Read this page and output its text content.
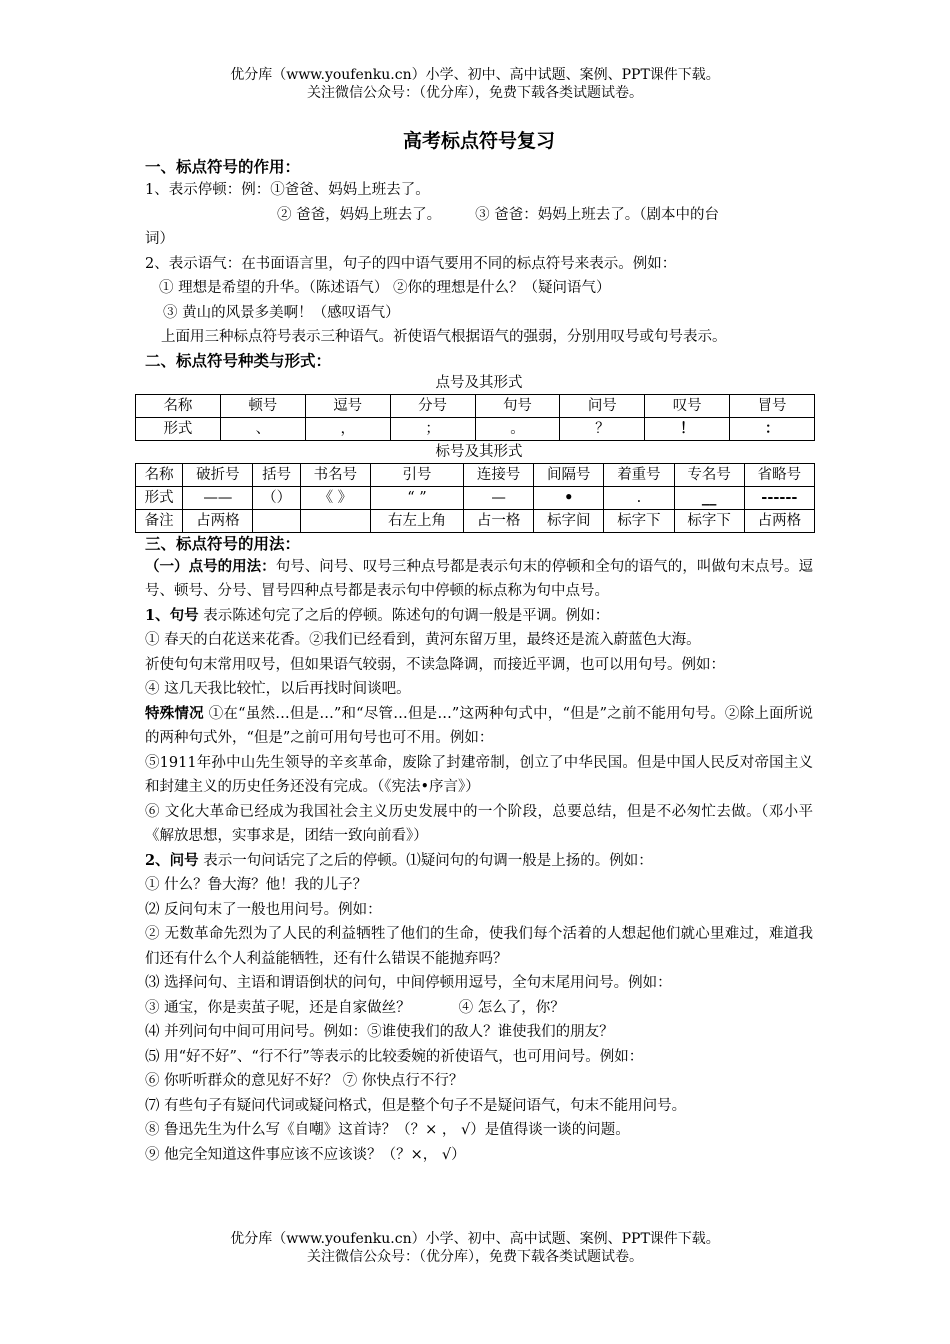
优分库（www.youfenku.cn）小学、初中、高中试题、案例、PPT课件下载。
关注微信公众号：（优分库），免费下载各类试题试卷。
高考标点符号复习
一、标点符号的作用：
1、表示停顿：例：①爸爸、妈妈上班去了。
② 爸爸，妈妈上班去了。 ③ 爸爸：妈妈上班去了。（剧本中的台
词）
2、表示语气：在书面语言里，句子的四中语气要用不同的标点符号来表示。例如：
① 理想是希望的升华。（陈述语气） ②你的理想是什么？（疑问语气）
③ 黄山的风景多美啊！（感叹语气）
上面用三种标点符号表示三种语气。祈使语气根据语气的强弱，分别用叹号或句号表示。
二、标点符号种类与形式：
点号及其形式
名称	顿号	逗号	分号	句号	问号	叹号	冒号
形式	、	，	；	。	？	！	：
标号及其形式
名称	破折号	括号	书名号	引号	连接号	间隔号	着重号	专名号	省略号
形式	——	（）	《 》	“ ”	—	•	.	__	------
备注	占两格			右左上角	占一格	标字间	标字下	标字下	占两格
三、标点符号的用法：
（一）点号的用法：句号、问号、叹号三种点号都是表示句末的停顿和全句的语气的，叫做句末点号。逗号、顿号、分号、冒号四种点号都是表示句中停顿的标点称为句中点号。
1、句号 表示陈述句完了之后的停顿。陈述句的句调一般是平调。例如：
① 春天的白花送来花香。②我们已经看到，黄河东留万里，最终还是流入蔚蓝色大海。
祈使句句末常用叹号，但如果语气较弱，不读急降调，而接近平调，也可以用句号。例如：
④ 这几天我比较忙，以后再找时间谈吧。
特殊情况 ①在“虽然…但是…”和“尽管…但是…”这两种句式中，“但是”之前不能用句号。②除上面所说的两种句式外，“但是”之前可用句号也可不用。例如：
⑤1911年孙中山先生领导的辛亥革命，废除了封建帝制，创立了中华民国。但是中国人民反对帝国主义和封建主义的历史任务还没有完成。（《宪法•序言》）
⑥ 文化大革命已经成为我国社会主义历史发展中的一个阶段，总要总结，但是不必匆忙去做。（邓小平《解放思想，实事求是，团结一致向前看》）
2、问号 表示一句问话完了之后的停顿。⑴疑问句的句调一般是上扬的。例如：
① 什么？鲁大海？他！我的儿子？
⑵ 反问句末了一般也用问号。例如：
② 无数革命先烈为了人民的利益牺牲了他们的生命，使我们每个活着的人想起他们就心里难过，难道我们还有什么个人利益能牺牲，还有什么错误不能抛弃吗？
⑶ 选择问句、主语和谓语倒状的问句，中间停顿用逗号，全句末尾用问号。例如：
③ 通宝，你是卖茧子呢，还是自家做丝？	④ 怎么了，你？
⑷ 并列问句中间可用问号。例如：⑤谁使我们的敌人？谁使我们的朋友？
⑸ 用“好不好”、“行不行”等表示的比较委婉的祈使语气，也可用问号。例如：
⑥ 你听听群众的意见好不好？ ⑦ 你快点行不行？
⑺ 有些句子有疑问代词或疑问格式，但是整个句子不是疑问语气，句末不能用问号。
⑧ 鲁迅先生为什么写《自嘲》这首诗？（？× ， √）是值得谈一谈的问题。
⑨ 他完全知道这件事应该不应该谈？（？×， √）
优分库（www.youfenku.cn）小学、初中、高中试题、案例、PPT课件下载。
关注微信公众号：（优分库），免费下载各类试题试卷。
